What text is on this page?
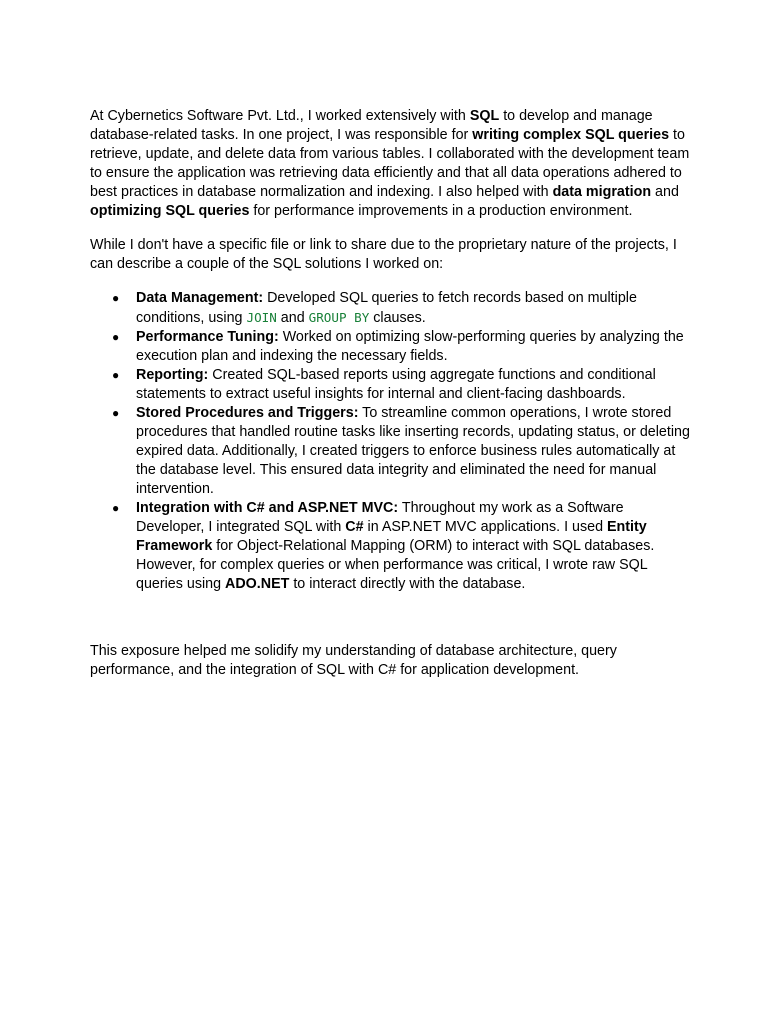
At Cybernetics Software Pvt. Ltd., I worked extensively with SQL to develop and manage database-related tasks. In one project, I was responsible for writing complex SQL queries to retrieve, update, and delete data from various tables. I collaborated with the development team to ensure the application was retrieving data efficiently and that all data operations adhered to best practices in database normalization and indexing. I also helped with data migration and optimizing SQL queries for performance improvements in a production environment.

While I don't have a specific file or link to share due to the proprietary nature of the projects, I can describe a couple of the SQL solutions I worked on:

● Data Management: Developed SQL queries to fetch records based on multiple conditions, using JOIN and GROUP BY clauses.
● Performance Tuning: Worked on optimizing slow-performing queries by analyzing the execution plan and indexing the necessary fields.
● Reporting: Created SQL-based reports using aggregate functions and conditional statements to extract useful insights for internal and client-facing dashboards.
● Stored Procedures and Triggers: To streamline common operations, I wrote stored procedures that handled routine tasks like inserting records, updating status, or deleting expired data. Additionally, I created triggers to enforce business rules automatically at the database level. This ensured data integrity and eliminated the need for manual intervention.
● Integration with C# and ASP.NET MVC: Throughout my work as a Software Developer, I integrated SQL with C# in ASP.NET MVC applications. I used Entity Framework for Object-Relational Mapping (ORM) to interact with SQL databases. However, for complex queries or when performance was critical, I wrote raw SQL queries using ADO.NET to interact directly with the database.

This exposure helped me solidify my understanding of database architecture, query performance, and the integration of SQL with C# for application development.
